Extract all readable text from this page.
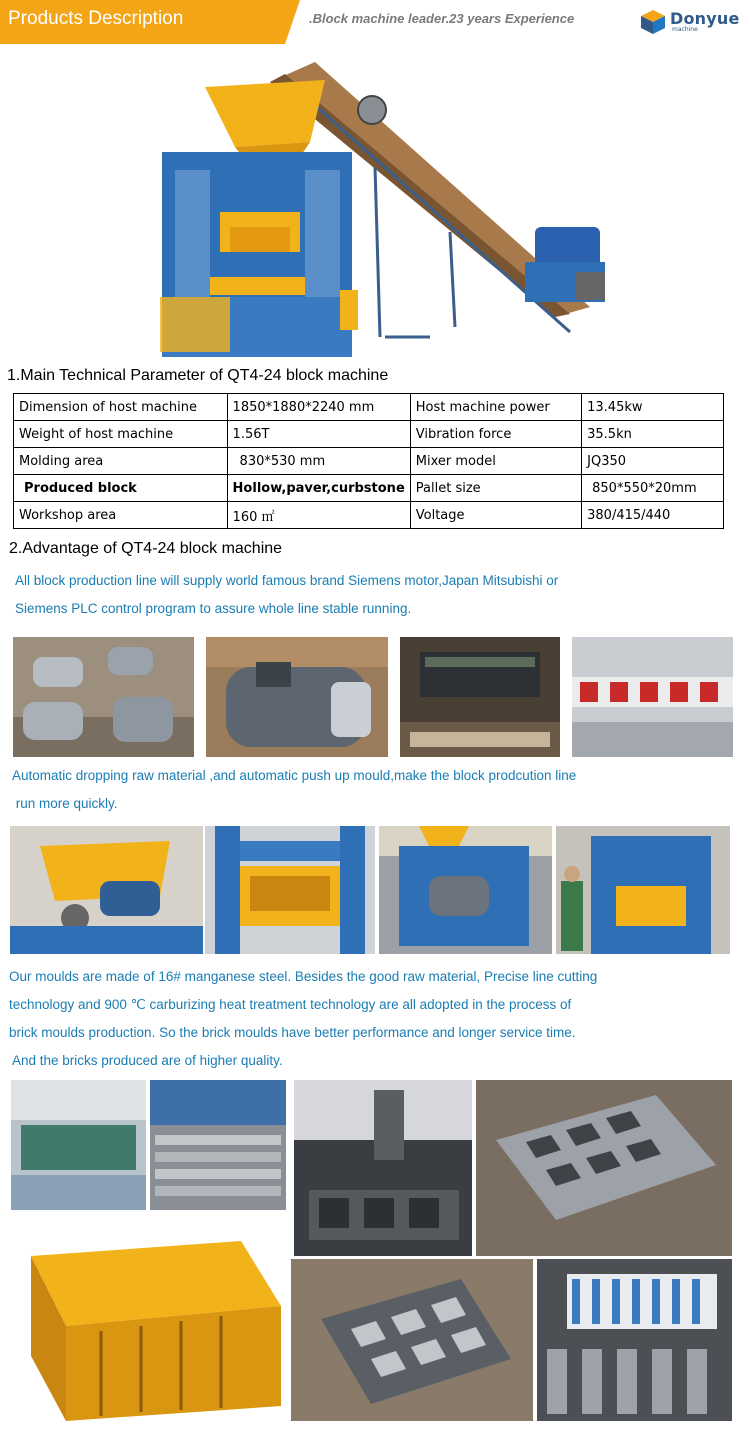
Products Description	.Block machine leader.23 years Experience	Donyue
machine
1.Main Technical Parameter of QT4-24 block machine
Dimension of host machine	1850*1880*2240 mm	Host machine power	13.45kw
Weight of host machine	1.56T	Vibration force	35.5kn
Molding area	830*530 mm	Mixer model	JQ350
Produced block	Hollow,paver,curbstone	Pallet size	850*550*20mm
Workshop area	160 ㎡	Voltage	380/415/440
2.Advantage of QT4-24 block machine
All block production line will supply world famous brand Siemens motor,Japan Mitsubishi or
Siemens PLC control program to assure whole line stable running.
Automatic dropping raw material ,and automatic push up mould,make the block prodcution line
run more quickly.
Our moulds are made of 16# manganese steel. Besides the good raw material, Precise line cutting
technology and 900 ℃ carburizing heat treatment technology are all adopted in the process of
brick moulds production. So the brick moulds have better performance and longer service time.
And the bricks produced are of higher quality.
